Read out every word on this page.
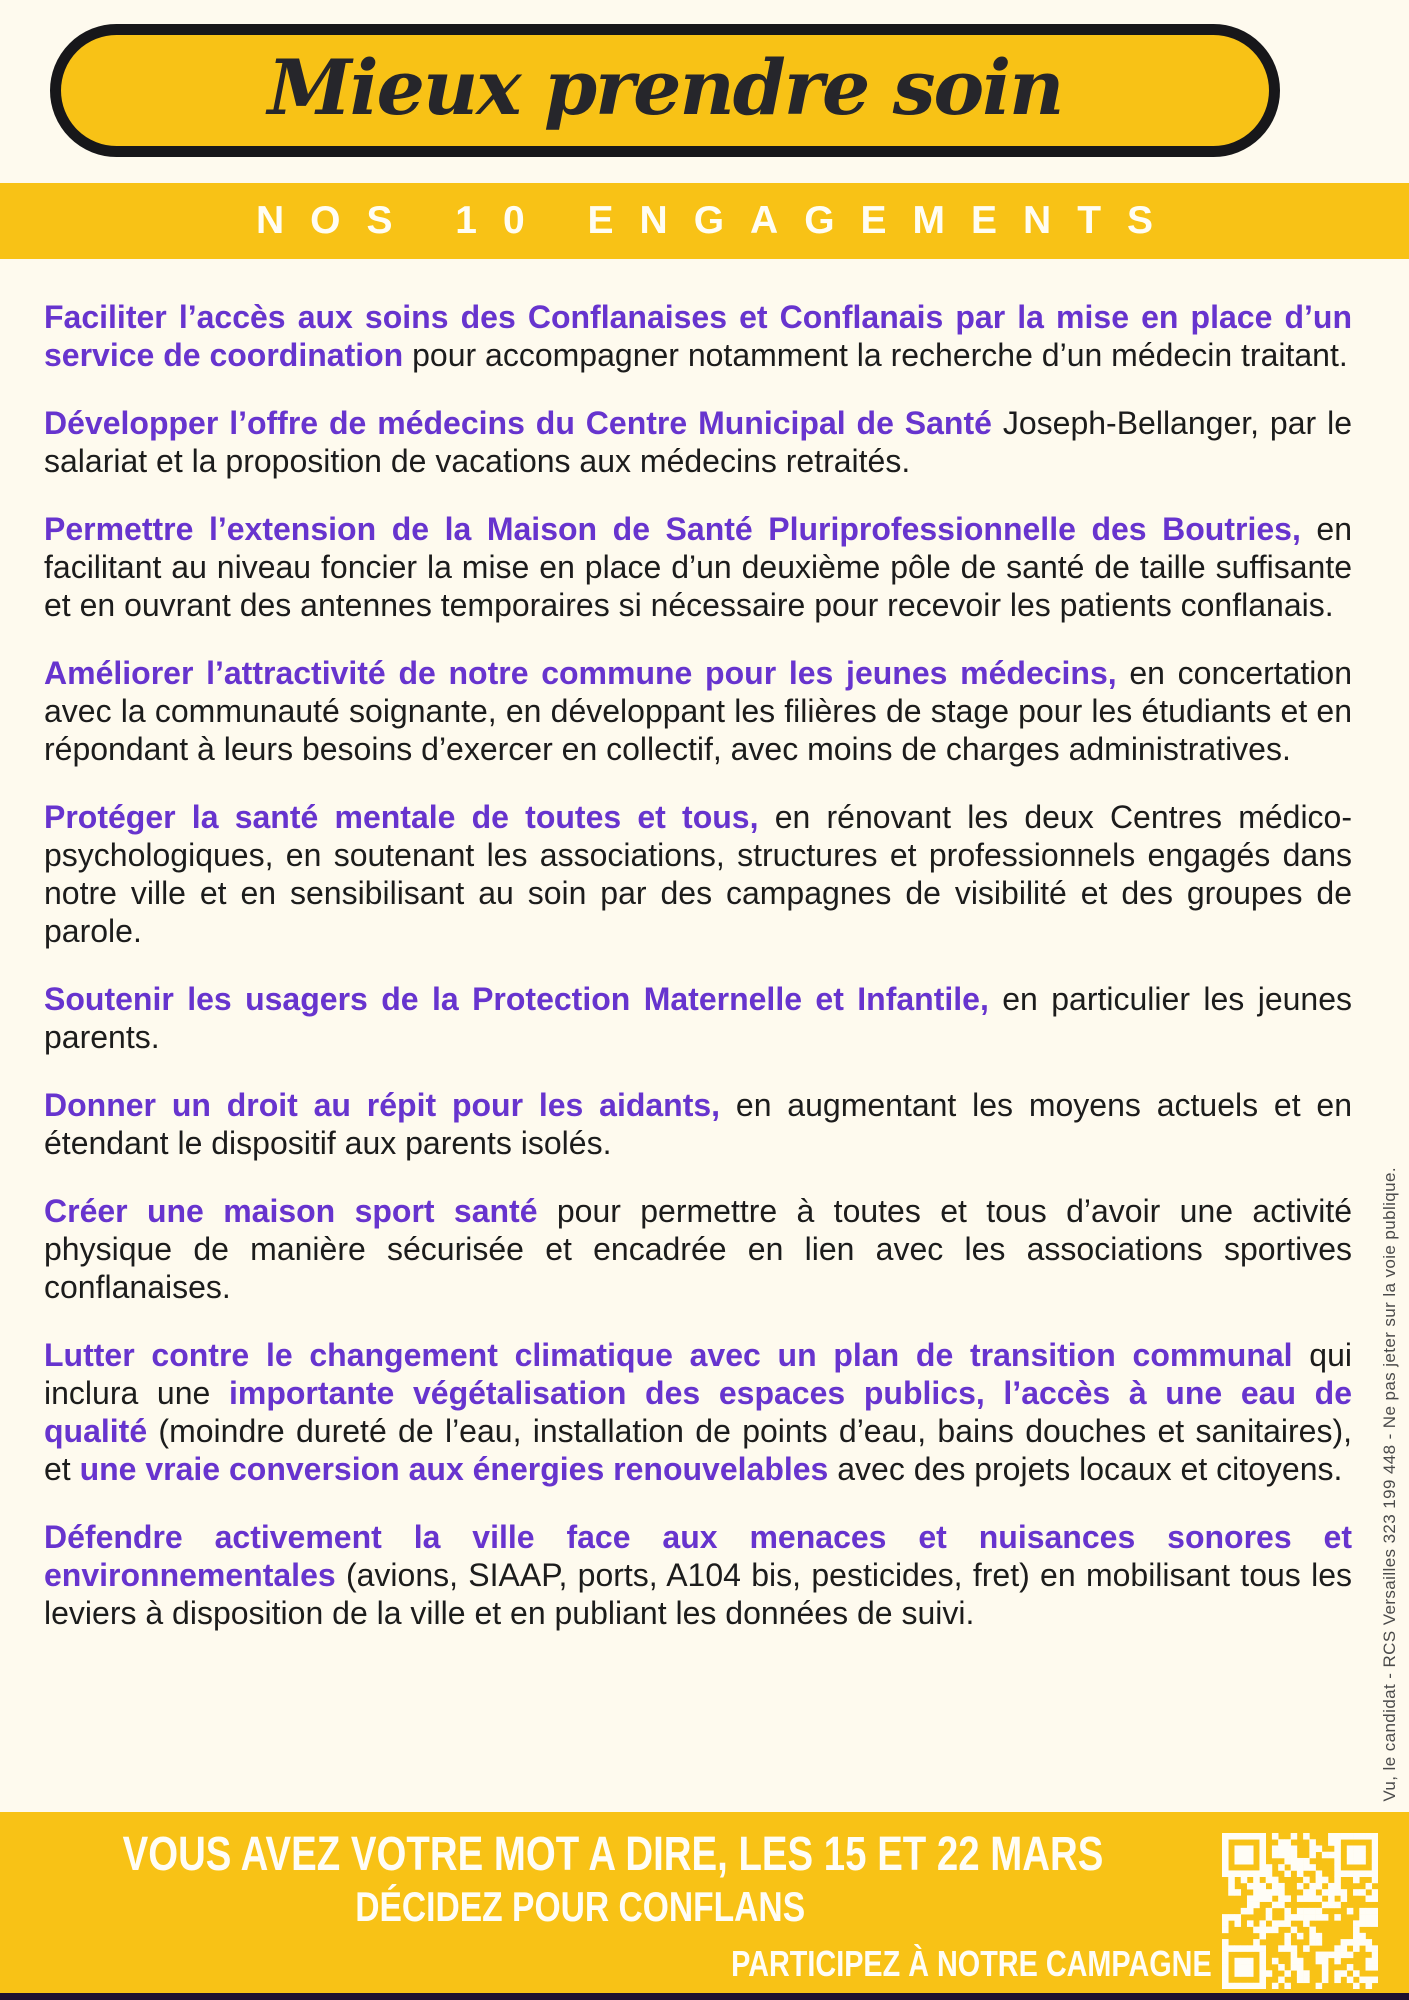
Mieux prendre soin
NOS 10 ENGAGEMENTS

Faciliter l’accès aux soins des Conflanaises et Conflanais par la mise en place d’un service de coordination pour accompagner notamment la recherche d’un médecin traitant.

Développer l’offre de médecins du Centre Municipal de Santé Joseph-Bellanger, par le salariat et la proposition de vacations aux médecins retraités.

Permettre l’extension de la Maison de Santé Pluriprofessionnelle des Boutries, en facilitant au niveau foncier la mise en place d’un deuxième pôle de santé de taille suffisante et en ouvrant des antennes temporaires si nécessaire pour recevoir les patients conflanais.

Améliorer l’attractivité de notre commune pour les jeunes médecins, en concertation avec la communauté soignante, en développant les filières de stage pour les étudiants et en répondant à leurs besoins d’exercer en collectif, avec moins de charges administratives.

Protéger la santé mentale de toutes et tous, en rénovant les deux Centres médico-psychologiques, en soutenant les associations, structures et professionnels engagés dans notre ville et en sensibilisant au soin par des campagnes de visibilité et des groupes de parole.

Soutenir les usagers de la Protection Maternelle et Infantile, en particulier les jeunes parents.

Donner un droit au répit pour les aidants, en augmentant les moyens actuels et en étendant le dispositif aux parents isolés.

Créer une maison sport santé pour permettre à toutes et tous d’avoir une activité physique de manière sécurisée et encadrée en lien avec les associations sportives conflanaises.

Lutter contre le changement climatique avec un plan de transition communal qui inclura une importante végétalisation des espaces publics, l’accès à une eau de qualité (moindre dureté de l’eau, installation de points d’eau, bains douches et sanitaires), et une vraie conversion aux énergies renouvelables avec des projets locaux et citoyens.

Défendre activement la ville face aux menaces et nuisances sonores et environnementales (avions, SIAAP, ports, A104 bis, pesticides, fret) en mobilisant tous les leviers à disposition de la ville et en publiant les données de suivi.	Vu, le candidat - RCS Versailles 323 199 448 - Ne pas jeter sur la voie publique.
VOUS AVEZ VOTRE MOT A DIRE, LES 15 ET 22 MARS
DÉCIDEZ POUR CONFLANS
PARTICIPEZ À NOTRE CAMPAGNE
